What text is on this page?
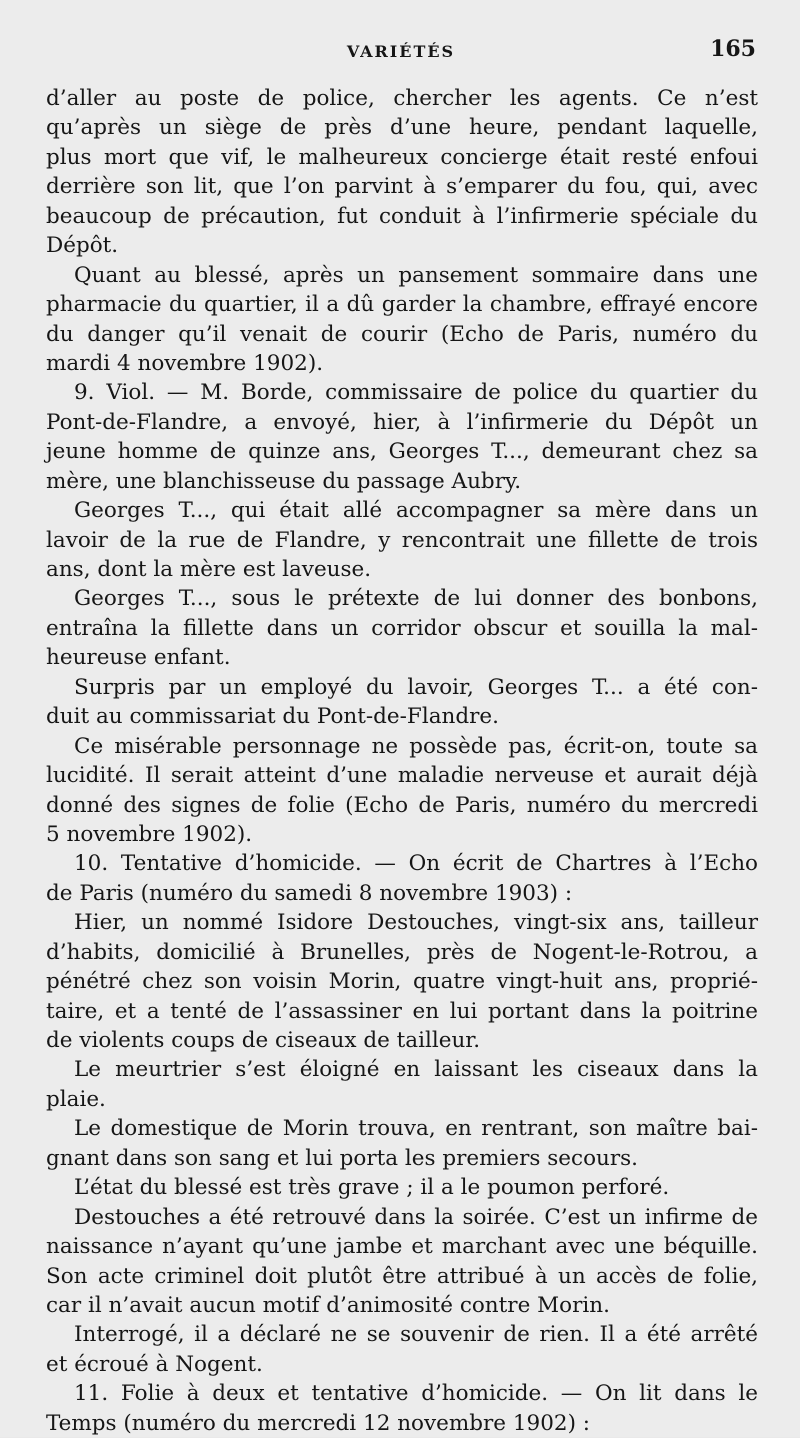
VARIÉTÉS	165
d’aller au poste de police, chercher les agents. Ce n’est
qu’après un siège de près d’une heure, pendant laquelle,
plus mort que vif, le malheureux concierge était resté enfoui
derrière son lit, que l’on parvint à s’emparer du fou, qui, avec
beaucoup de précaution, fut conduit à l’infirmerie spéciale du
Dépôt.
Quant au blessé, après un pansement sommaire dans une
pharmacie du quartier, il a dû garder la chambre, effrayé encore
du danger qu’il venait de courir (Echo de Paris, numéro du
mardi 4 novembre 1902).
9. Viol. — M. Borde, commissaire de police du quartier du
Pont-de-Flandre, a envoyé, hier, à l’infirmerie du Dépôt un
jeune homme de quinze ans, Georges T..., demeurant chez sa
mère, une blanchisseuse du passage Aubry.
Georges T..., qui était allé accompagner sa mère dans un
lavoir de la rue de Flandre, y rencontrait une fillette de trois
ans, dont la mère est laveuse.
Georges T..., sous le prétexte de lui donner des bonbons,
entraîna la fillette dans un corridor obscur et souilla la mal-
heureuse enfant.
Surpris par un employé du lavoir, Georges T... a été con-
duit au commissariat du Pont-de-Flandre.
Ce misérable personnage ne possède pas, écrit-on, toute sa
lucidité. Il serait atteint d’une maladie nerveuse et aurait déjà
donné des signes de folie (Echo de Paris, numéro du mercredi
5 novembre 1902).
10. Tentative d’homicide. — On écrit de Chartres à l’Echo
de Paris (numéro du samedi 8 novembre 1903) :
Hier, un nommé Isidore Destouches, vingt-six ans, tailleur
d’habits, domicilié à Brunelles, près de Nogent-le-Rotrou, a
pénétré chez son voisin Morin, quatre vingt-huit ans, proprié-
taire, et a tenté de l’assassiner en lui portant dans la poitrine
de violents coups de ciseaux de tailleur.
Le meurtrier s’est éloigné en laissant les ciseaux dans la
plaie.
Le domestique de Morin trouva, en rentrant, son maître bai-
gnant dans son sang et lui porta les premiers secours.
L’état du blessé est très grave ; il a le poumon perforé.
Destouches a été retrouvé dans la soirée. C’est un infirme de
naissance n’ayant qu’une jambe et marchant avec une béquille.
Son acte criminel doit plutôt être attribué à un accès de folie,
car il n’avait aucun motif d’animosité contre Morin.
Interrogé, il a déclaré ne se souvenir de rien. Il a été arrêté
et écroué à Nogent.
11. Folie à deux et tentative d’homicide. — On lit dans le
Temps (numéro du mercredi 12 novembre 1902) :
